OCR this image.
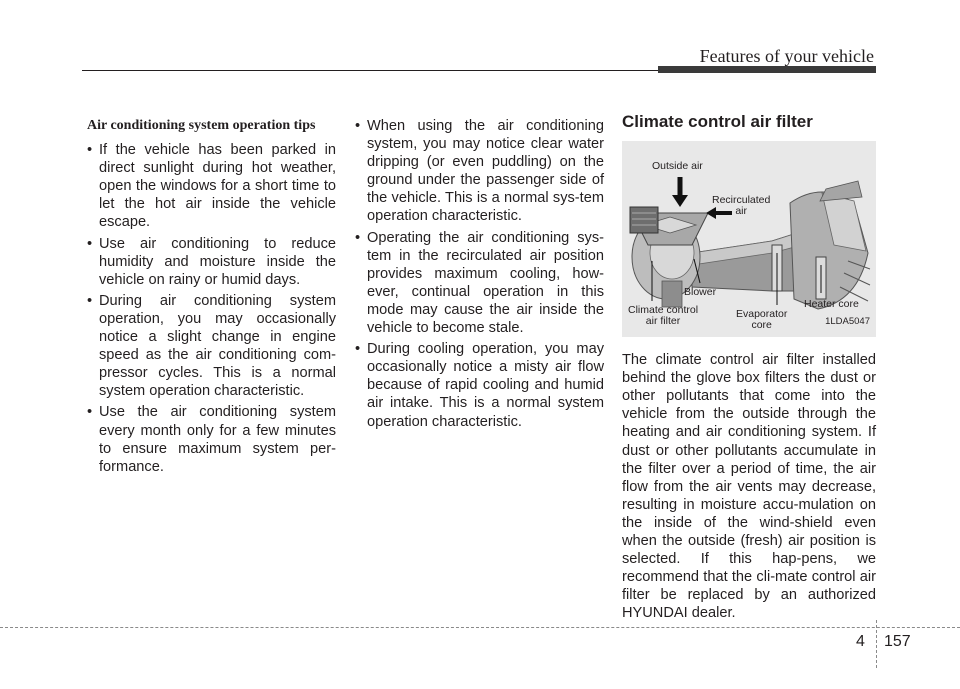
Features of your vehicle
Air conditioning system operation tips
• If the vehicle has been parked in direct sunlight during hot weather, open the windows for a short time to let the hot air inside the vehicle escape.
• Use air conditioning to reduce humidity and moisture inside the vehicle on rainy or humid days.
• During air conditioning system operation, you may occasionally notice a slight change in engine speed as the air conditioning com-pressor cycles. This is a normal system operation characteristic.
• Use the air conditioning system every month only for a few minutes to ensure maximum system per-formance.
• When using the air conditioning system, you may notice clear water dripping (or even puddling) on the ground under the passenger side of the vehicle. This is a normal sys-tem operation characteristic.
• Operating the air conditioning sys-tem in the recirculated air position provides maximum cooling, how-ever, continual operation in this mode may cause the air inside the vehicle to become stale.
• During cooling operation, you may occasionally notice a misty air flow because of rapid cooling and humid air intake. This is a normal system operation characteristic.
Climate control air filter
Outside air
Recirculated
air
Blower
Climate control
air filter
Evaporator
core
Heater core
1LDA5047

The climate control air filter installed behind the glove box filters the dust or other pollutants that come into the vehicle from the outside through the heating and air conditioning system. If dust or other pollutants accumulate in the filter over a period of time, the air flow from the air vents may decrease, resulting in moisture accu-mulation on the inside of the wind-shield even when the outside (fresh) air position is selected. If this hap-pens, we recommend that the cli-mate control air filter be replaced by an authorized HYUNDAI dealer.

4 157
